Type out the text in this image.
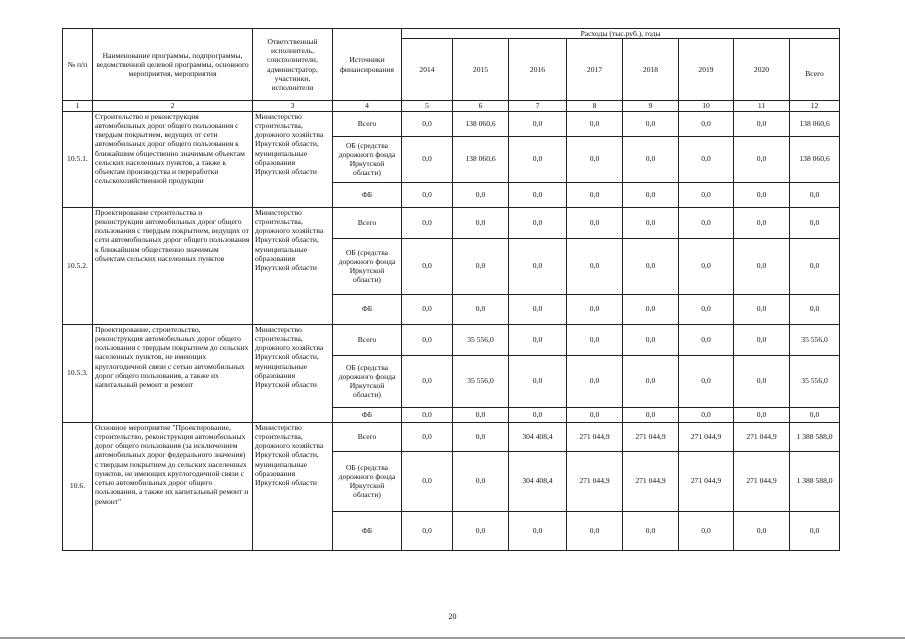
№ п/п	Наименование программы, подпрограммы, ведомственной целевой программы, основного мероприятия, мероприятия	Ответственный исполнитель, соисполнители, администратор, участники, исполнители	Источники финансирования	Расходы (тыс.руб.), годы							
				2014	2015	2016	2017	2018	2019	2020	Всего
1	2	3	4	5	6	7	8	9	10	11	12
10.5.1.	Строительство и реконструкция автомобильных дорог общего пользования с твердым покрытием, ведущих от сети автомобильных дорог общего пользования к ближайшим общественно значимым объектам сельских населенных пунктов, а также к объектам производства и переработки сельскохозяйственной продукции	Министерство строительства, дорожного хозяйства Иркутской области, муниципальные образования Иркутской области	Всего	0,0	138 060,6	0,0	0,0	0,0	0,0	0,0	138 060,6
			ОБ (средства дорожного фонда Иркутской области)	0,0	138 060,6	0,0	0,0	0,0	0,0	0,0	138 060,6
			ФБ	0,0	0,0	0,0	0,0	0,0	0,0	0,0	0,0
10.5.2.	Проектирование строительства и реконструкции автомобильных дорог общего пользования с твердым покрытием, ведущих от сети автомобильных дорог общего пользования к ближайшим общественно значимым объектам сельских населенных пунктов	Министерство строительства, дорожного хозяйства Иркутской области, муниципальные образования Иркутской области	Всего	0,0	0,0	0,0	0,0	0,0	0,0	0,0	0,0
			ОБ (средства дорожного фонда Иркутской области)	0,0	0,0	0,0	0,0	0,0	0,0	0,0	0,0
			ФБ	0,0	0,0	0,0	0,0	0,0	0,0	0,0	0,0
10.5.3.	Проектирование, строительство, реконструкция автомобильных дорог общего пользования с твердым покрытием до сельских населенных пунктов, не имеющих круглогодичной связи с сетью автомобильных дорог общего пользования, а также их капитальный ремонт и ремонт	Министерство строительства, дорожного хозяйства Иркутской области, муниципальные образования Иркутской области	Всего	0,0	35 556,0	0,0	0,0	0,0	0,0	0,0	35 556,0
			ОБ (средства дорожного фонда Иркутской области)	0,0	35 556,0	0,0	0,0	0,0	0,0	0,0	35 556,0
			ФБ	0,0	0,0	0,0	0,0	0,0	0,0	0,0	0,0
10.6.	Основное мероприятие "Проектирование, строительство, реконструкция автомобильных дорог общего пользования (за исключением автомобильных дорог федерального значения) с твердым покрытием до сельских населенных пунктов, не имеющих круглогодичной связи с сетью автомобильных дорог общего пользования, а также их капитальный ремонт и ремонт"	Министерство строительства, дорожного хозяйства Иркутской области, муниципальные образования Иркутской области	Всего	0,0	0,0	304 408,4	271 044,9	271 044,9	271 044,9	271 044,9	1 388 588,0
			ОБ (средства дорожного фонда Иркутской области)	0,0	0,0	304 408,4	271 044,9	271 044,9	271 044,9	271 044,9	1 388 588,0
			ФБ	0,0	0,0	0,0	0,0	0,0	0,0	0,0	0,0
20
